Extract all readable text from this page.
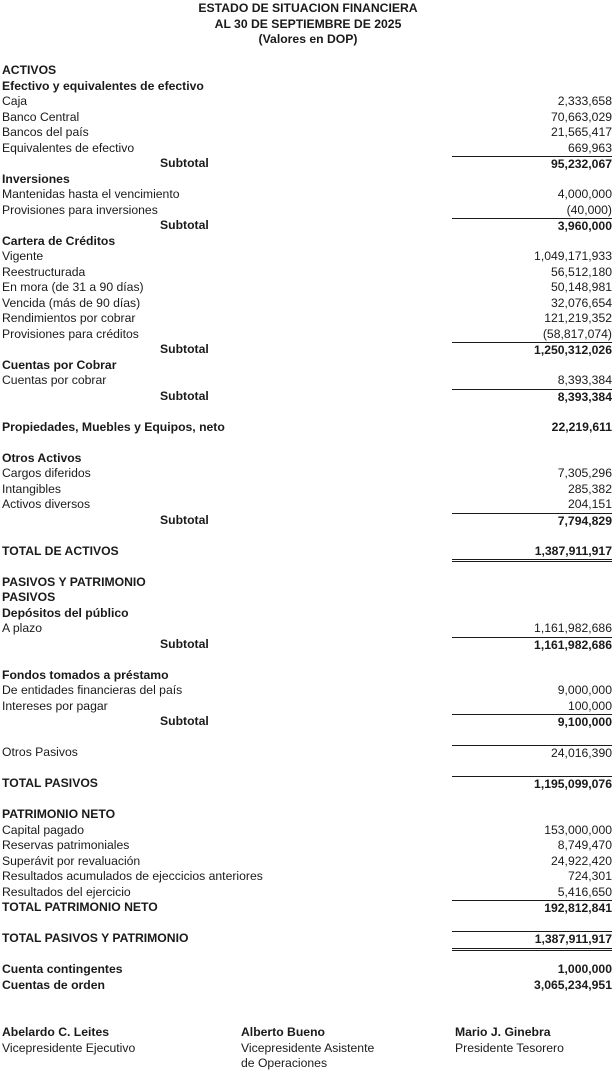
ESTADO DE SITUACION FINANCIERA
AL 30 DE SEPTIEMBRE DE 2025
(Valores en DOP)
ACTIVOS
Efectivo y equivalentes de efectivo
Caja	2,333,658
Banco Central	70,663,029
Bancos del país	21,565,417
Equivalentes de efectivo	669,963
Subtotal	95,232,067
Inversiones
Mantenidas hasta el vencimiento	4,000,000
Provisiones para inversiones	(40,000)
Subtotal	3,960,000
Cartera de Créditos
Vigente	1,049,171,933
Reestructurada	56,512,180
En mora (de 31 a 90 días)	50,148,981
Vencida (más de 90 días)	32,076,654
Rendimientos por cobrar	121,219,352
Provisiones para créditos	(58,817,074)
Subtotal	1,250,312,026
Cuentas por Cobrar
Cuentas por cobrar	8,393,384
Subtotal	8,393,384
Propiedades, Muebles y Equipos, neto	22,219,611
Otros Activos
Cargos diferidos	7,305,296
Intangibles	285,382
Activos diversos	204,151
Subtotal	7,794,829
TOTAL DE ACTIVOS	1,387,911,917
PASIVOS Y PATRIMONIO
PASIVOS
Depósitos del público
A plazo	1,161,982,686
Subtotal	1,161,982,686
Fondos tomados a préstamo
De entidades financieras del país	9,000,000
Intereses por pagar	100,000
Subtotal	9,100,000
Otros Pasivos	24,016,390
TOTAL PASIVOS	1,195,099,076
PATRIMONIO NETO
Capital pagado	153,000,000
Reservas patrimoniales	8,749,470
Superávit por revaluación	24,922,420
Resultados acumulados de ejeccicios anteriores	724,301
Resultados del ejercicio	5,416,650
TOTAL PATRIMONIO NETO	192,812,841
TOTAL PASIVOS Y PATRIMONIO	1,387,911,917
Cuenta contingentes	1,000,000
Cuentas de orden	3,065,234,951
Abelardo C. Leites
Vicepresidente Ejecutivo
Alberto Bueno
Vicepresidente Asistente
de Operaciones
Mario J. Ginebra
Presidente Tesorero
